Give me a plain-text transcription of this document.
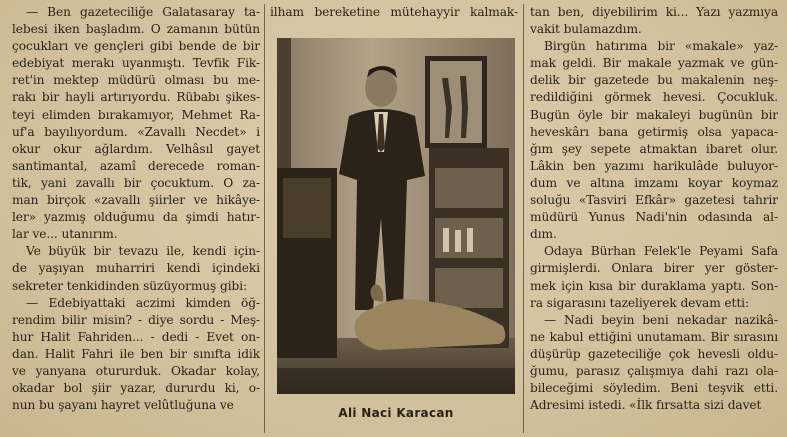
— Ben gazeteciliğe Galatasaray ta-
lebesi iken başladım. O zamanın bütün
çocukları ve gençleri gibi bende de bir
edebiyat merakı uyanmıştı. Tevfik Fik-
ret'in mektep müdürü olması bu me-
rakı bir hayli artırıyordu. Rübabı şikes-
teyi elimden bırakamıyor, Mehmet Ra-
uf'a bayılıyordum. «Zavallı Necdet» i
okur okur ağlardım. Velhâsıl gayet
santimantal, azamî derecede roman-
tik, yani zavallı bir çocuktum. O za-
man birçok «zavallı şiirler ve hikâye-
ler» yazmış olduğumu da şimdi hatır-
lar ve... utanırım.
Ve büyük bir tevazu ile, kendi için-
de yaşıyan muharriri kendi içindeki
sekreter tenkidinden süzüyormuş gibi:
— Edebiyattaki aczimi kimden öğ-
rendim bilir misin? - diye sordu - Meş-
hur Halit Fahriden... - dedi - Evet on-
dan. Halit Fahri ile ben bir sınıfta idik
ve yanyana otururduk. Okadar kolay,
okadar bol şiir yazar, dururdu ki, o-
nun bu şayanı hayret velûtluğuna ve
ilham bereketine mütehayyir kalmak-
Ali Naci Karacan
tan ben, diyebilirim ki... Yazı yazmıya
vakit bulamazdım.
Birgün hatırıma bir «makale» yaz-
mak geldi. Bir makale yazmak ve gün-
delik bir gazetede bu makalenin neş-
redildiğini görmek hevesi. Çocukluk.
Bugün öyle bir makaleyi bugünün bir
heveskârı bana getirmiş olsa yapaca-
ğım şey sepete atmaktan ibaret olur.
Lâkin ben yazımı harikulâde buluyor-
dum ve altına imzamı koyar koymaz
soluğu «Tasviri Efkâr» gazetesi tahrir
müdürü Yunus Nadi'nin odasında al-
dım.
Odaya Bürhan Felek'le Peyami Safa
girmişlerdi. Onlara birer yer göster-
mek için kısa bir duraklama yaptı. Son-
ra sigarasını tazeliyerek devam etti:
— Nadi beyin beni nekadar nazikâ-
ne kabul ettiğini unutamam. Bir sırasını
düşürüp gazeteciliğe çok hevesli oldu-
ğumu, parasız çalışmıya dahi razı ola-
bileceğimi söyledim. Beni teşvik etti.
Adresimi istedi. «İlk fırsatta sizi davet
